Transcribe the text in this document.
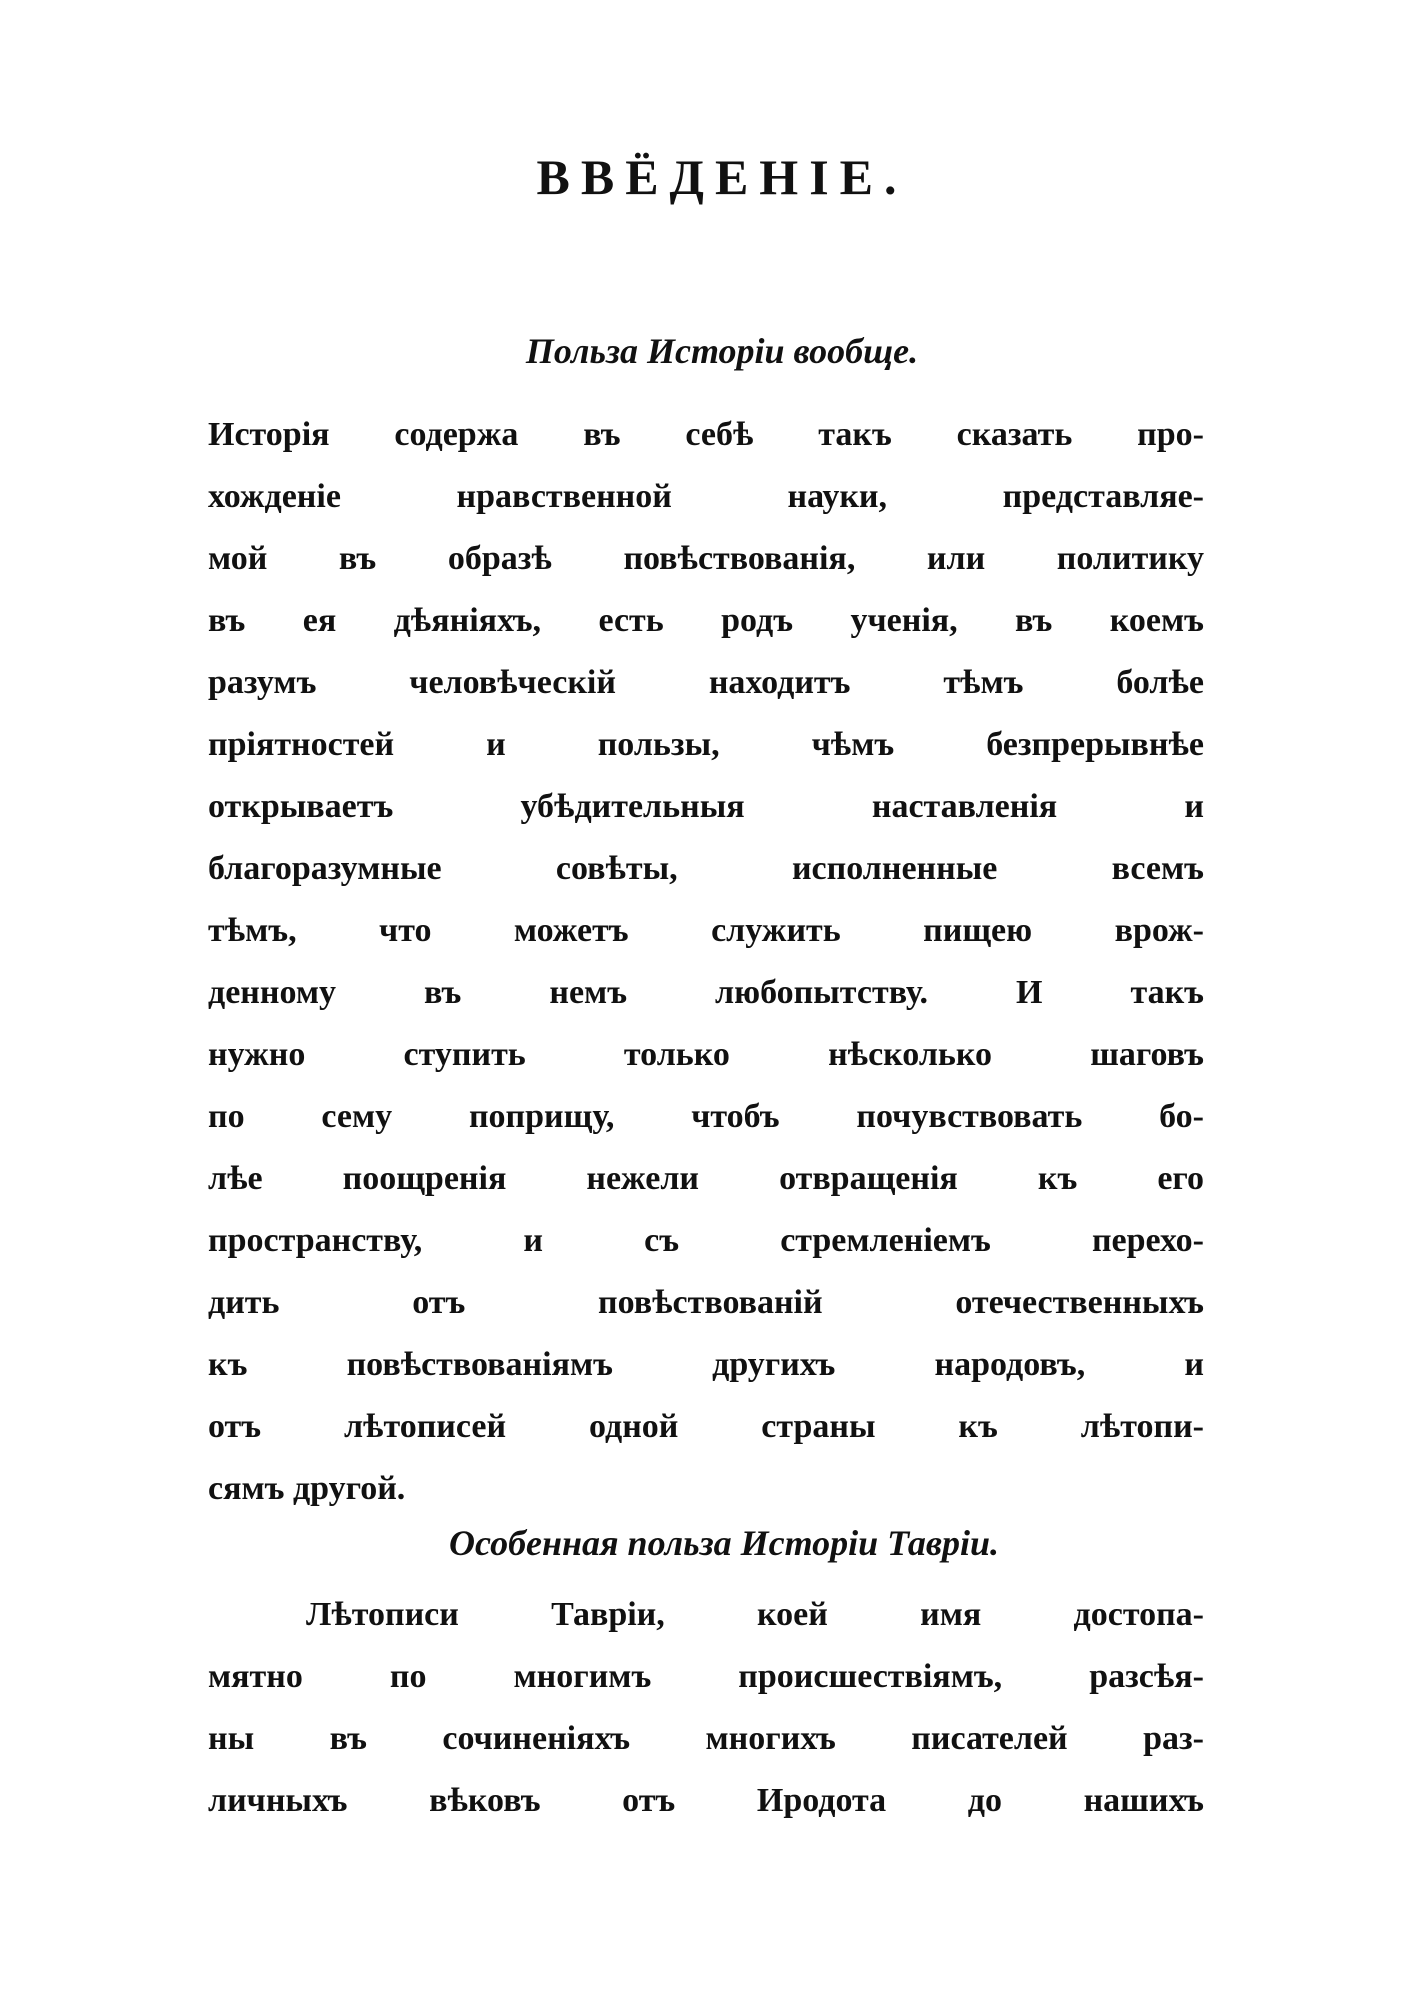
ВВЁДЕНІЕ.
Польза Исторіи вообще.
Исторія содержа въ себѣ такъ сказать про-
хожденіе нравственной науки, представляе-
мой въ образѣ повѣствованія, или политику
въ ея дѣяніяхъ, есть родъ ученія, въ коемъ
разумъ человѣческій находитъ тѣмъ болѣе
пріятностей и пользы, чѣмъ безпрерывнѣе
открываетъ убѣдительныя наставленія и
благоразумные совѣты, исполненные всемъ
тѣмъ, что можетъ служить пищею врож-
денному въ немъ любопытству. И такъ
нужно ступить только нѣсколько шаговъ
по сему поприщу, чтобъ почувствовать бо-
лѣе поощренія нежели отвращенія къ его
пространству, и съ стремленіемъ перехо-
дить отъ повѣствованій отечественныхъ
къ повѣствованіямъ другихъ народовъ, и
отъ лѣтописей одной страны къ лѣтопи-
сямъ другой.
Особенная польза Исторіи Тавріи.
Лѣтописи Тавріи, коей имя достопа-
мятно по многимъ происшествіямъ, разсѣя-
ны въ сочиненіяхъ многихъ писателей раз-
личныхъ вѣковъ отъ Иродота до нашихъ
